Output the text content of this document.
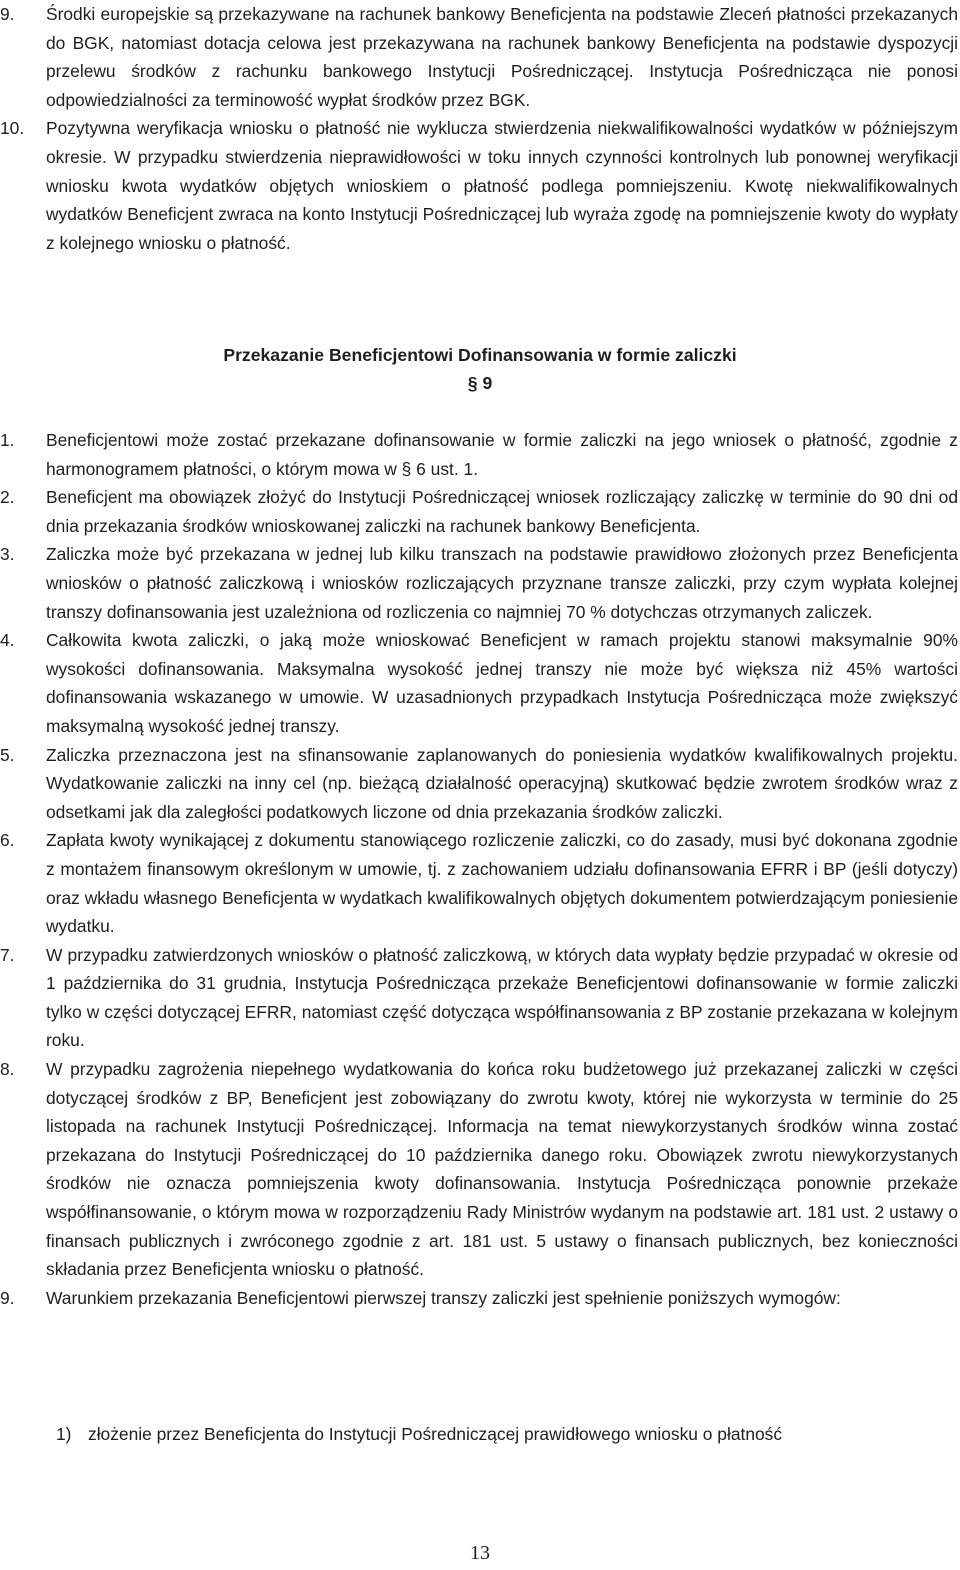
9. Środki europejskie są przekazywane na rachunek bankowy Beneficjenta na podstawie Zleceń płatności przekazanych do BGK, natomiast dotacja celowa jest przekazywana na rachunek bankowy Beneficjenta na podstawie dyspozycji przelewu środków z rachunku bankowego Instytucji Pośredniczącej. Instytucja Pośrednicząca nie ponosi odpowiedzialności za terminowość wypłat środków przez BGK.
10. Pozytywna weryfikacja wniosku o płatność nie wyklucza stwierdzenia niekwalifikowalności wydatków w późniejszym okresie. W przypadku stwierdzenia nieprawidłowości w toku innych czynności kontrolnych lub ponownej weryfikacji wniosku kwota wydatków objętych wnioskiem o płatność podlega pomniejszeniu. Kwotę niekwalifikowalnych wydatków Beneficjent zwraca na konto Instytucji Pośredniczącej lub wyraża zgodę na pomniejszenie kwoty do wypłaty z kolejnego wniosku o płatność.
Przekazanie Beneficjentowi Dofinansowania w formie zaliczki
§ 9
1. Beneficjentowi może zostać przekazane dofinansowanie w formie zaliczki na jego wniosek o płatność, zgodnie z harmonogramem płatności, o którym mowa w § 6 ust. 1.
2. Beneficjent ma obowiązek złożyć do Instytucji Pośredniczącej wniosek rozliczający zaliczkę w terminie do 90 dni od dnia przekazania środków wnioskowanej zaliczki na rachunek bankowy Beneficjenta.
3. Zaliczka może być przekazana w jednej lub kilku transzach na podstawie prawidłowo złożonych przez Beneficjenta wniosków o płatność zaliczkową i wniosków rozliczających przyznane transze zaliczki, przy czym wypłata kolejnej transzy dofinansowania jest uzależniona od rozliczenia co najmniej 70 % dotychczas otrzymanych zaliczek.
4. Całkowita kwota zaliczki, o jaką może wnioskować Beneficjent w ramach projektu stanowi maksymalnie 90% wysokości dofinansowania. Maksymalna wysokość jednej transzy nie może być większa niż 45% wartości dofinansowania wskazanego w umowie. W uzasadnionych przypadkach Instytucja Pośrednicząca może zwiększyć maksymalną wysokość jednej transzy.
5. Zaliczka przeznaczona jest na sfinansowanie zaplanowanych do poniesienia wydatków kwalifikowalnych projektu. Wydatkowanie zaliczki na inny cel (np. bieżącą działalność operacyjną) skutkować będzie zwrotem środków wraz z odsetkami jak dla zaległości podatkowych liczone od dnia przekazania środków zaliczki.
6. Zapłata kwoty wynikającej z dokumentu stanowiącego rozliczenie zaliczki, co do zasady, musi być dokonana zgodnie z montażem finansowym określonym w umowie, tj. z zachowaniem udziału dofinansowania EFRR i BP (jeśli dotyczy) oraz wkładu własnego Beneficjenta w wydatkach kwalifikowalnych objętych dokumentem potwierdzającym poniesienie wydatku.
7. W przypadku zatwierdzonych wniosków o płatność zaliczkową, w których data wypłaty będzie przypadać w okresie od 1 października do 31 grudnia, Instytucja Pośrednicząca przekaże Beneficjentowi dofinansowanie w formie zaliczki tylko w części dotyczącej EFRR, natomiast część dotycząca współfinansowania z BP zostanie przekazana w kolejnym roku.
8. W przypadku zagrożenia niepełnego wydatkowania do końca roku budżetowego już przekazanej zaliczki w części dotyczącej środków z BP, Beneficjent jest zobowiązany do zwrotu kwoty, której nie wykorzysta w terminie do 25 listopada na rachunek Instytucji Pośredniczącej. Informacja na temat niewykorzystanych środków winna zostać przekazana do Instytucji Pośredniczącej do 10 października danego roku. Obowiązek zwrotu niewykorzystanych środków nie oznacza pomniejszenia kwoty dofinansowania. Instytucja Pośrednicząca ponownie przekaże współfinansowanie, o którym mowa w rozporządzeniu Rady Ministrów wydanym na podstawie art. 181 ust. 2 ustawy o finansach publicznych i zwróconego zgodnie z art. 181 ust. 5 ustawy o finansach publicznych, bez konieczności składania przez Beneficjenta wniosku o płatność.
9. Warunkiem przekazania Beneficjentowi pierwszej transzy zaliczki jest spełnienie poniższych wymogów:
1) złożenie przez Beneficjenta do Instytucji Pośredniczącej prawidłowego wniosku o płatność
13
